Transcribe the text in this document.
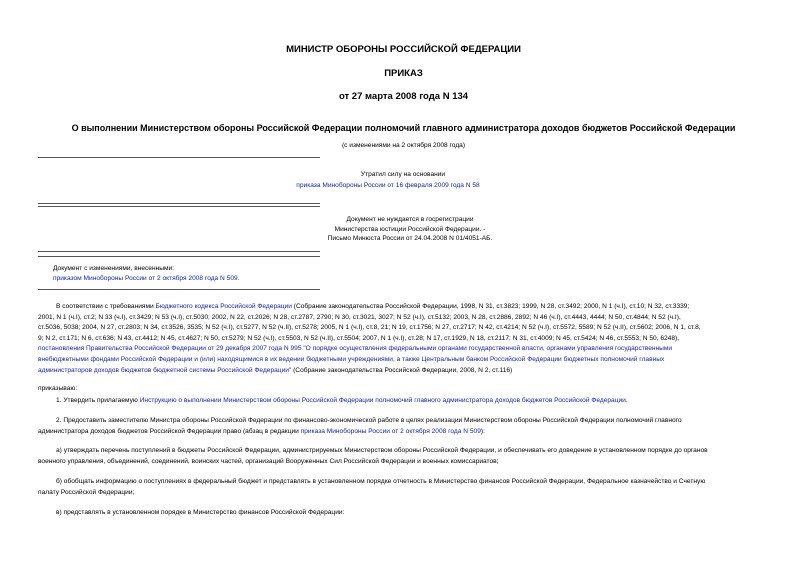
МИНИСТР ОБОРОНЫ РОССИЙСКОЙ ФЕДЕРАЦИИ
ПРИКАЗ
от 27 марта 2008 года N 134
О выполнении Министерством обороны Российской Федерации полномочий главного администратора доходов бюджетов Российской Федерации
(с изменениями на 2 октября 2008 года)
Утратил силу на основании
приказа Минобороны России от 16 февраля 2009 года N 58
Документ не нуждается в госрегистрации
Министерства юстиции Российской Федерации. -
Письмо Минюста России от 24.04.2008 N 01/4051-АБ.
Документ с изменениями, внесенными:
приказом Минобороны России от 2 октября 2008 года N 509.
В соответствии с требованиями Бюджетного кодекса Российской Федерации (Собрание законодательства Российской Федерации, 1998, N 31, ст.3823; 1999, N 28, ст.3492; 2000, N 1 (ч.I), ст.10; N 32, ст.3339;
2001, N 1 (ч.I), ст.2; N 33 (ч.I), ст.3429; N 53 (ч.I), ст.5030; 2002, N 22, ст.2026; N 28, ст.2787, 2790; N 30, ст.3021, 3027; N 52 (ч.I), ст.5132; 2003, N 28, ст.2886, 2892; N 46 (ч.I), ст.4443, 4444; N 50, ст.4844; N 52 (ч.I),
ст.5036, 5038; 2004, N 27, ст.2803; N 34, ст.3526, 3535; N 52 (ч.I), ст.5277, N 52 (ч.II), ст.5278; 2005, N 1 (ч.I), ст.8, 21; N 19, ст.1756; N 27, ст.2717; N 42, ст.4214; N 52 (ч.I), ст.5572, 5589; N 52 (ч.II), ст.5602; 2006, N 1, ст.8,
9; N 2, ст.171; N 6, ст.636; N 43, ст.4412; N 45, ст.4627; N 50, ст.5279; N 52 (ч.I), ст.5503, N 52 (ч.II), ст.5504; 2007, N 1 (ч.I), ст.28; N 17, ст.1929, N 18, ст.2117; N 31, ст.4009; N 45, ст.5424; N 46, ст.5553; N 50, 6248),
постановления Правительства Российской Федерации от 29 декабря 2007 года N 995 "О порядке осуществления федеральными органами государственной власти, органами управления государственными
внебюджетными фондами Российской Федерации и (или) находящимися в их ведении бюджетными учреждениями, а также Центральным банком Российской Федерации бюджетных полномочий главных
администраторов доходов бюджетов бюджетной системы Российской Федерации" (Собрание законодательства Российской Федерации, 2008, N 2, ст.116)
приказываю:
1. Утвердить прилагаемую Инструкцию о выполнении Министерством обороны Российской Федерации полномочий главного администратора доходов бюджетов Российской Федерации.
2. Предоставить заместителю Министра обороны Российской Федерации по финансово-экономической работе в целях реализации Министерством обороны Российской Федерации полномочий главного
администратора доходов бюджетов Российской Федерации право (абзац в редакции приказа Минобороны России от 2 октября 2008 года N 509):
а) утверждать перечень поступлений в бюджеты Российской Федерации, администрируемых Министерством обороны Российской Федерации, и обеспечивать его доведение в установленном порядке до органов
военного управления, объединений, соединений, воинских частей, организаций Вооруженных Сил Российской Федерации и военных комиссариатов;
б) обобщать информацию о поступлениях в федеральный бюджет и представлять в установленном порядке отчетность в Министерство финансов Российской Федерации, Федеральное казначейство и Счетную
палату Российской Федерации;
в) представлять в установленном порядке в Министерство финансов Российской Федерации:
